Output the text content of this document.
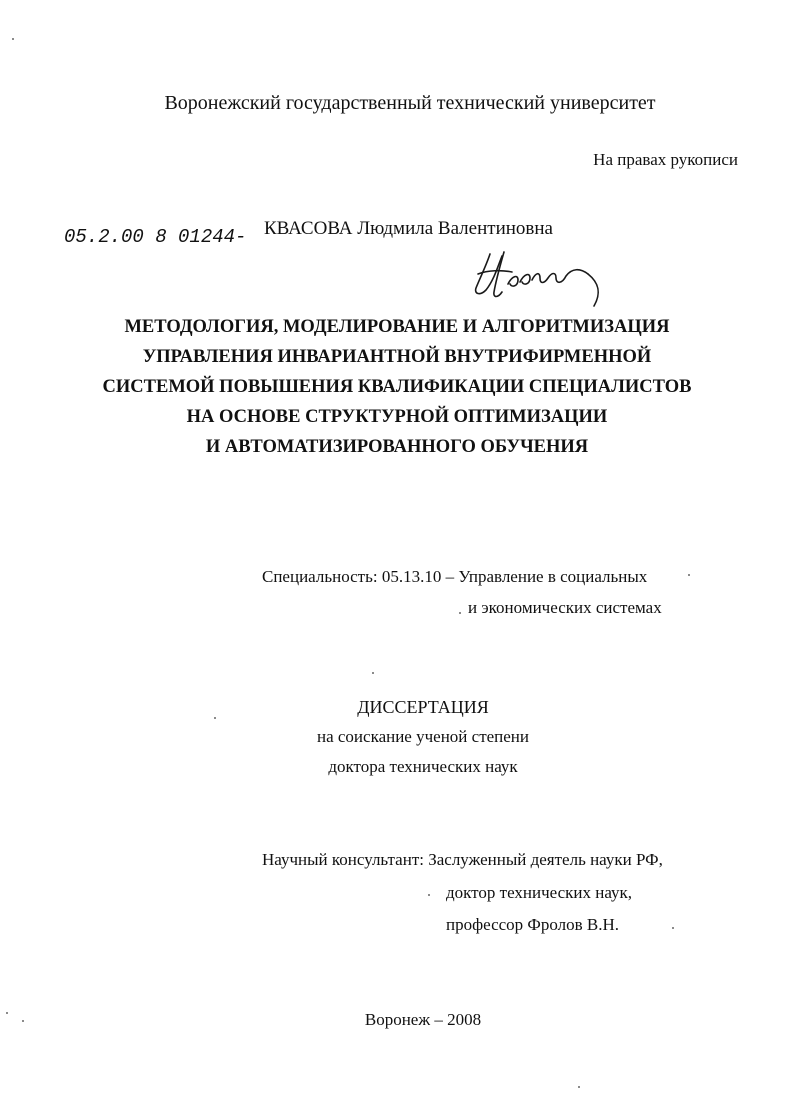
Воронежский государственный технический университет
На правах рукописи
05.2.00 8 01244- КВАСОВА Людмила Валентиновна
МЕТОДОЛОГИЯ, МОДЕЛИРОВАНИЕ И АЛГОРИТМИЗАЦИЯ
УПРАВЛЕНИЯ ИНВАРИАНТНОЙ ВНУТРИФИРМЕННОЙ
СИСТЕМОЙ ПОВЫШЕНИЯ КВАЛИФИКАЦИИ СПЕЦИАЛИСТОВ
НА ОСНОВЕ СТРУКТУРНОЙ ОПТИМИЗАЦИИ
И АВТОМАТИЗИРОВАННОГО ОБУЧЕНИЯ
Специальность: 05.13.10 – Управление в социальных
и экономических системах
ДИССЕРТАЦИЯ
на соискание ученой степени
доктора технических наук
Научный консультант: Заслуженный деятель науки РФ,
доктор технических наук,
профессор Фролов В.Н.
Воронеж – 2008
